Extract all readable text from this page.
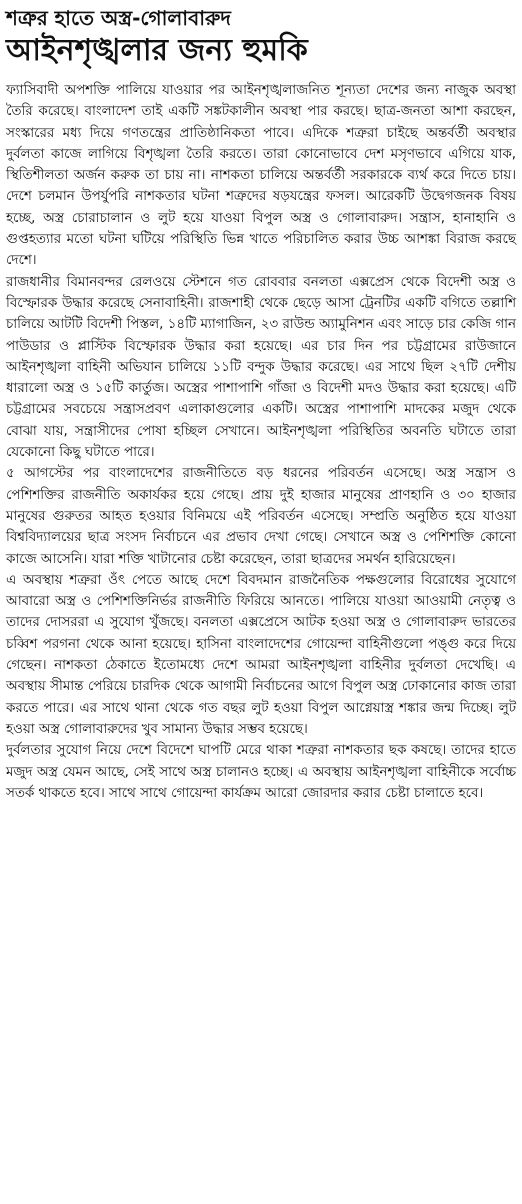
শত্রুর হাতে অস্ত্র-গোলাবারুদ
আইনশৃঙ্খলার জন্য হুমকি

ফ্যাসিবাদী অপশক্তি পালিয়ে যাওয়ার পর আইনশৃঙ্খলাজনিত শূন্যতা দেশের জন্য নাজুক অবস্থা তৈরি করেছে। বাংলাদেশ তাই একটি সঙ্কটকালীন অবস্থা পার করছে। ছাত্র-জনতা আশা করছেন, সংস্কারের মধ্য দিয়ে গণতন্ত্রের প্রাতিষ্ঠানিকতা পাবে। এদিকে শত্রুরা চাইছে অন্তর্বর্তী অবস্থার দুর্বলতা কাজে লাগিয়ে বিশৃঙ্খলা তৈরি করতে। তারা কোনোভাবে দেশ মসৃণভাবে এগিয়ে যাক, স্থিতিশীলতা অর্জন করুক তা চায় না। নাশকতা চালিয়ে অন্তর্বর্তী সরকারকে ব্যর্থ করে দিতে চায়। দেশে চলমান উপর্যুপরি নাশকতার ঘটনা শত্রুদের ষড়যন্ত্রের ফসল। আরেকটি উদ্বেগজনক বিষয় হচ্ছে, অস্ত্র চোরাচালান ও লুট হয়ে যাওয়া বিপুল অস্ত্র ও গোলাবারুদ। সন্ত্রাস, হানাহানি ও গুপ্তহত্যার মতো ঘটনা ঘটিয়ে পরিস্থিতি ভিন্ন খাতে পরিচালিত করার উচ্চ আশঙ্কা বিরাজ করছে দেশে।

রাজধানীর বিমানবন্দর রেলওয়ে স্টেশনে গত রোববার বনলতা এক্সপ্রেস থেকে বিদেশী অস্ত্র ও বিস্ফোরক উদ্ধার করেছে সেনাবাহিনী। রাজশাহী থেকে ছেড়ে আসা ট্রেনটির একটি বগিতে তল্লাশি চালিয়ে আটটি বিদেশী পিস্তল, ১৪টি ম্যাগাজিন, ২৩ রাউন্ড অ্যামুনিশন এবং সাড়ে চার কেজি গান পাউডার ও প্লাস্টিক বিস্ফোরক উদ্ধার করা হয়েছে। এর চার দিন পর চট্টগ্রামের রাউজানে আইনশৃঙ্খলা বাহিনী অভিযান চালিয়ে ১১টি বন্দুক উদ্ধার করেছে। এর সাথে ছিল ২৭টি দেশীয় ধারালো অস্ত্র ও ১৫টি কার্তুজ। অস্ত্রের পাশাপাশি গাঁজা ও বিদেশী মদও উদ্ধার করা হয়েছে। এটি চট্টগ্রামের সবচেয়ে সন্ত্রাসপ্রবণ এলাকাগুলোর একটি। অস্ত্রের পাশাপাশি মাদকের মজুদ থেকে বোঝা যায়, সন্ত্রাসীদের পোষা হচ্ছিল সেখানে। আইনশৃঙ্খলা পরিস্থিতির অবনতি ঘটাতে তারা যেকোনো কিছু ঘটাতে পারে।

৫ আগস্টের পর বাংলাদেশের রাজনীতিতে বড় ধরনের পরিবর্তন এসেছে। অস্ত্র সন্ত্রাস ও পেশিশক্তির রাজনীতি অকার্যকর হয়ে গেছে। প্রায় দুই হাজার মানুষের প্রাণহানি ও ৩০ হাজার মানুষের গুরুতর আহত হওয়ার বিনিময়ে এই পরিবর্তন এসেছে। সম্প্রতি অনুষ্ঠিত হয়ে যাওয়া বিশ্ববিদ্যালয়ের ছাত্র সংসদ নির্বাচনে এর প্রভাব দেখা গেছে। সেখানে অস্ত্র ও পেশিশক্তি কোনো কাজে আসেনি। যারা শক্তি খাটানোর চেষ্টা করেছেন, তারা ছাত্রদের সমর্থন হারিয়েছেন।

এ অবস্থায় শত্রুরা ওঁৎ পেতে আছে দেশে বিবদমান রাজনৈতিক পক্ষগুলোর বিরোধের সুযোগে আবারো অস্ত্র ও পেশিশক্তিনির্ভর রাজনীতি ফিরিয়ে আনতে। পালিয়ে যাওয়া আওয়ামী নেতৃত্ব ও তাদের দোসররা এ সুযোগ খুঁজছে। বনলতা এক্সপ্রেসে আটক হওয়া অস্ত্র ও গোলাবারুদ ভারতের চব্বিশ পরগনা থেকে আনা হয়েছে। হাসিনা বাংলাদেশের গোয়েন্দা বাহিনীগুলো পঙ্গু করে দিয়ে গেছেন। নাশকতা ঠেকাতে ইতোমধ্যে দেশে আমরা আইনশৃঙ্খলা বাহিনীর দুর্বলতা দেখেছি। এ অবস্থায় সীমান্ত পেরিয়ে চারদিক থেকে আগামী নির্বাচনের আগে বিপুল অস্ত্র ঢোকানোর কাজ তারা করতে পারে। এর সাথে থানা থেকে গত বছর লুট হওয়া বিপুল আগ্নেয়াস্ত্র শঙ্কার জন্ম দিচ্ছে। লুট হওয়া অস্ত্র গোলাবারুদের খুব সামান্য উদ্ধার সম্ভব হয়েছে।

দুর্বলতার সুযোগ নিয়ে দেশে বিদেশে ঘাপটি মেরে থাকা শত্রুরা নাশকতার ছক কষছে। তাদের হাতে মজুদ অস্ত্র যেমন আছে, সেই সাথে অস্ত্র চালানও হচ্ছে। এ অবস্থায় আইনশৃঙ্খলা বাহিনীকে সর্বোচ্চ সতর্ক থাকতে হবে। সাথে সাথে গোয়েন্দা কার্যক্রম আরো জোরদার করার চেষ্টা চালাতে হবে।
